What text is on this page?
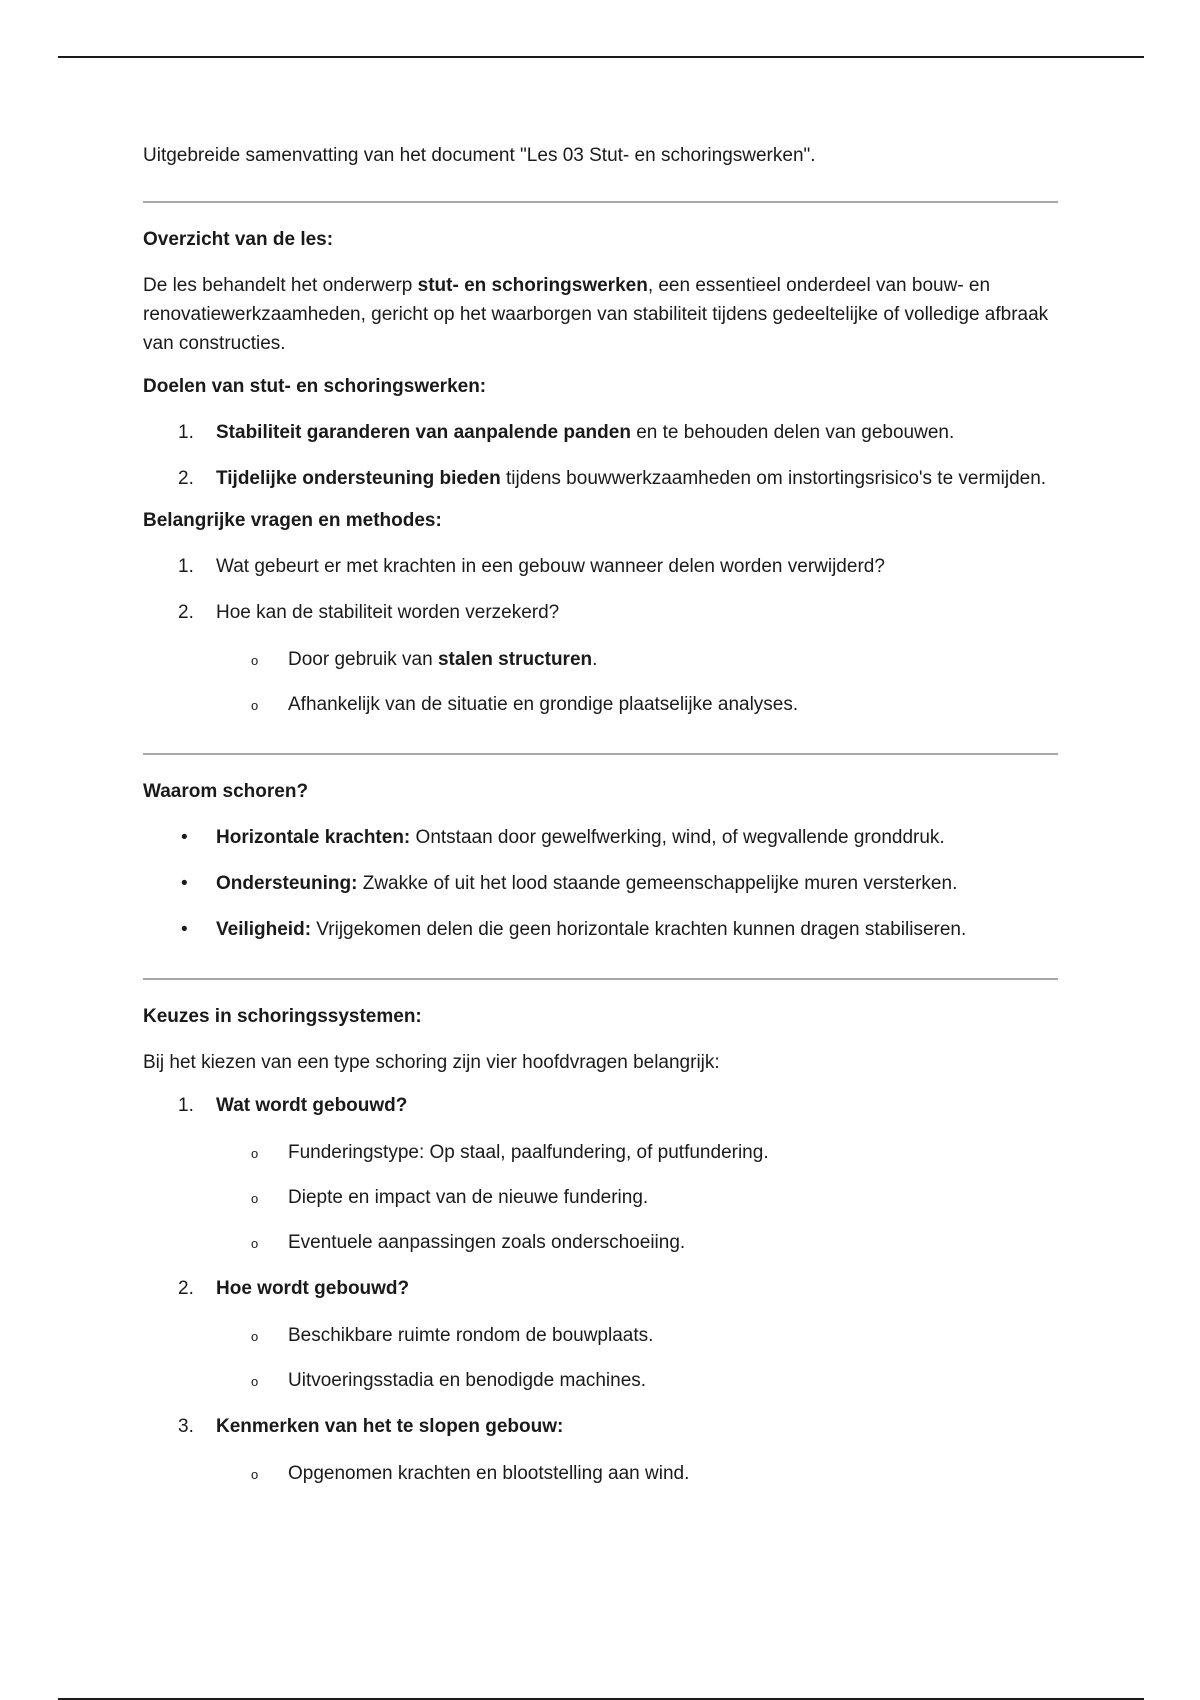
Uitgebreide samenvatting van het document "Les 03 Stut- en schoringswerken".

Overzicht van de les:

De les behandelt het onderwerp stut- en schoringswerken, een essentieel onderdeel van bouw- en renovatiewerkzaamheden, gericht op het waarborgen van stabiliteit tijdens gedeeltelijke of volledige afbraak van constructies.

Doelen van stut- en schoringswerken:
1. Stabiliteit garanderen van aanpalende panden en te behouden delen van gebouwen.
2. Tijdelijke ondersteuning bieden tijdens bouwwerkzaamheden om instortingsrisico's te vermijden.
Belangrijke vragen en methodes:
1. Wat gebeurt er met krachten in een gebouw wanneer delen worden verwijderd?
2. Hoe kan de stabiliteit worden verzekerd?
o Door gebruik van stalen structuren.
o Afhankelijk van de situatie en grondige plaatselijke analyses.
Waarom schoren?
• Horizontale krachten: Ontstaan door gewelfwerking, wind, of wegvallende gronddruk.
• Ondersteuning: Zwakke of uit het lood staande gemeenschappelijke muren versterken.
• Veiligheid: Vrijgekomen delen die geen horizontale krachten kunnen dragen stabiliseren.
Keuzes in schoringssystemen:

Bij het kiezen van een type schoring zijn vier hoofdvragen belangrijk:

1. Wat wordt gebouwd?
o Funderingstype: Op staal, paalfundering, of putfundering.
o Diepte en impact van de nieuwe fundering.
o Eventuele aanpassingen zoals onderschoeiing.
2. Hoe wordt gebouwd?
o Beschikbare ruimte rondom de bouwplaats.
o Uitvoeringsstadia en benodigde machines.
3. Kenmerken van het te slopen gebouw:
o Opgenomen krachten en blootstelling aan wind.
